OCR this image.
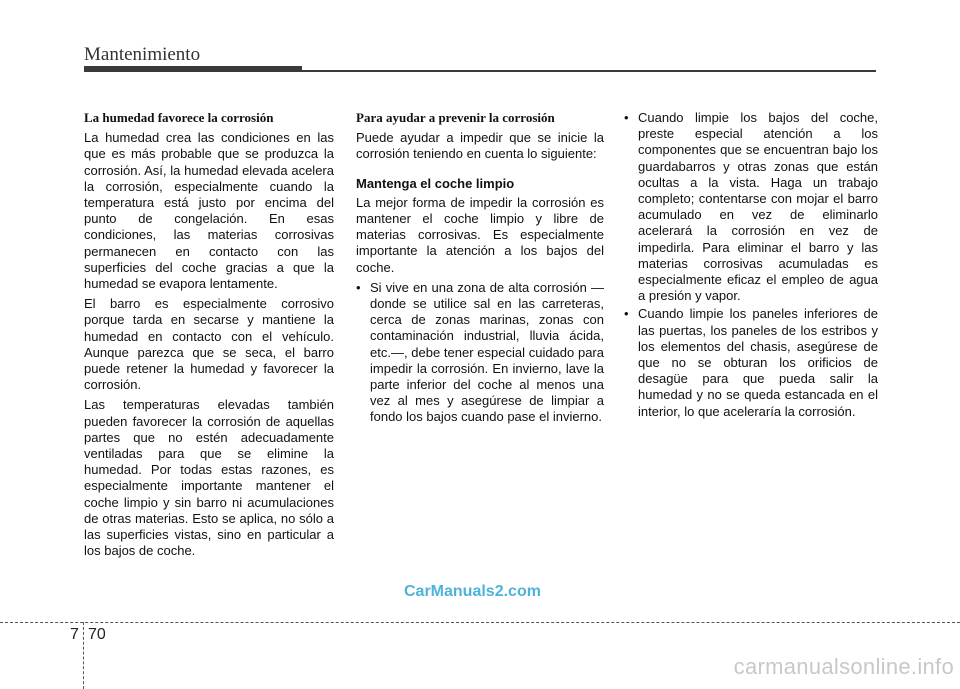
Mantenimiento
La humedad favorece la corrosión

La humedad crea las condiciones en las que es más probable que se produzca la corrosión. Así, la humedad elevada acelera la corrosión, especialmente cuando la temperatura está justo por encima del punto de congelación. En esas condiciones, las materias corrosivas permanecen en contacto con las superficies del coche gracias a que la humedad se evapora lentamente.

El barro es especialmente corrosivo porque tarda en secarse y mantiene la humedad en contacto con el vehículo. Aunque parezca que se seca, el barro puede retener la humedad y favorecer la corrosión.

Las temperaturas elevadas también pueden favorecer la corrosión de aquellas partes que no estén adecuadamente ventiladas para que se elimine la humedad. Por todas estas razones, es especialmente importante mantener el coche limpio y sin barro ni acumulaciones de otras materias. Esto se aplica, no sólo a las superficies vistas, sino en particular a los bajos de coche.

Para ayudar a prevenir la corrosión

Puede ayudar a impedir que se inicie la corrosión teniendo en cuenta lo siguiente:

Mantenga el coche limpio

La mejor forma de impedir la corrosión es mantener el coche limpio y libre de materias corrosivas. Es especialmente importante la atención a los bajos del coche.

• Si vive en una zona de alta corrosión — donde se utilice sal en las carreteras, cerca de zonas marinas, zonas con contaminación industrial, lluvia ácida, etc.—, debe tener especial cuidado para impedir la corrosión. En invierno, lave la parte inferior del coche al menos una vez al mes y asegúrese de limpiar a fondo los bajos cuando pase el invierno.
• Cuando limpie los bajos del coche, preste especial atención a los componentes que se encuentran bajo los guardabarros y otras zonas que están ocultas a la vista. Haga un trabajo completo; contentarse con mojar el barro acumulado en vez de eliminarlo acelerará la corrosión en vez de impedirla. Para eliminar el barro y las materias corrosivas acumuladas es especialmente eficaz el empleo de agua a presión y vapor.
• Cuando limpie los paneles inferiores de las puertas, los paneles de los estribos y los elementos del chasis, asegúrese de que no se obturan los orificios de desagüe para que pueda salir la humedad y no se queda estancada en el interior, lo que aceleraría la corrosión.
CarManuals2.com
7 70
carmanualsonline.info
